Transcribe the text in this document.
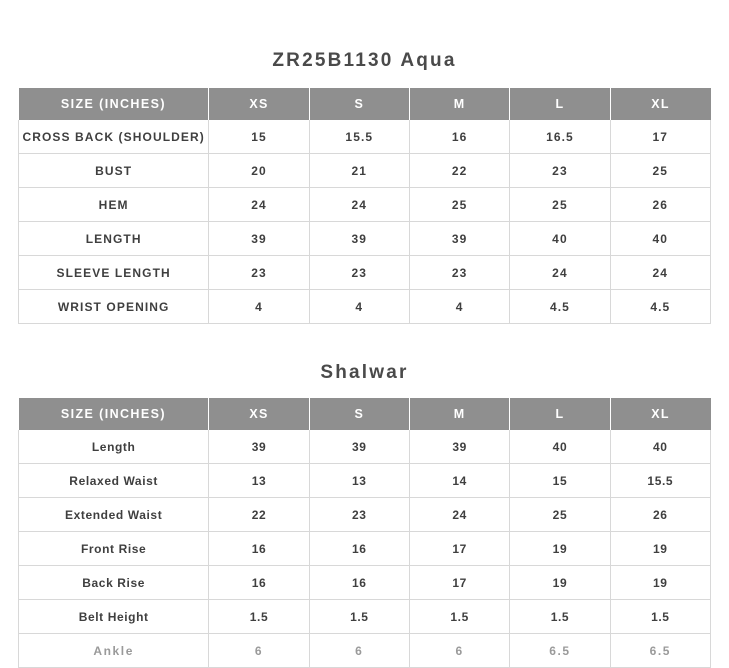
ZR25B1130 Aqua
SIZE (INCHES)	XS	S	M	L	XL
CROSS BACK (SHOULDER)	15	15.5	16	16.5	17
BUST	20	21	22	23	25
HEM	24	24	25	25	26
LENGTH	39	39	39	40	40
SLEEVE LENGTH	23	23	23	24	24
WRIST OPENING	4	4	4	4.5	4.5
Shalwar
SIZE (INCHES)	XS	S	M	L	XL
Length	39	39	39	40	40
Relaxed Waist	13	13	14	15	15.5
Extended Waist	22	23	24	25	26
Front Rise	16	16	17	19	19
Back Rise	16	16	17	19	19
Belt Height	1.5	1.5	1.5	1.5	1.5
Ankle	6	6	6	6.5	6.5
